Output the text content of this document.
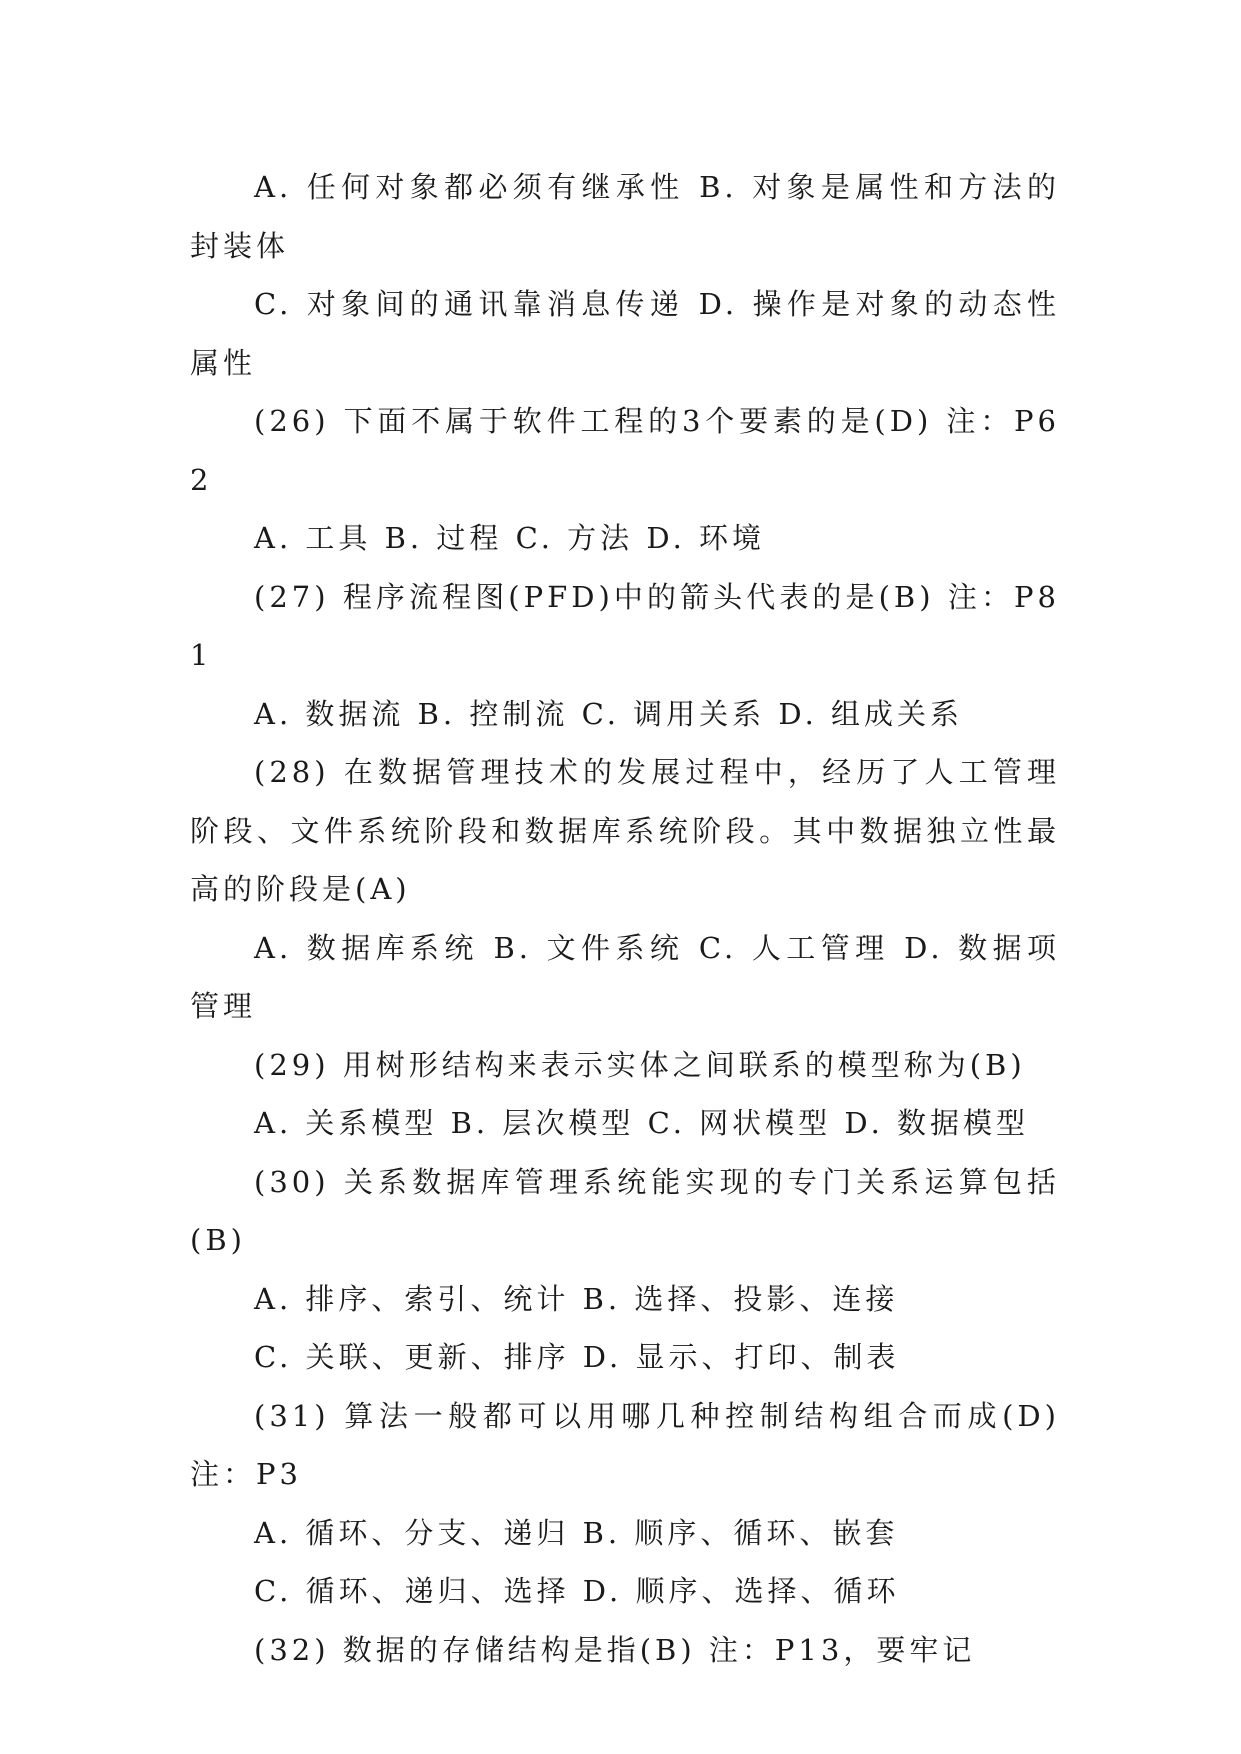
A. 任何对象都必须有继承性 B. 对象是属性和方法的封装体

C. 对象间的通讯靠消息传递 D. 操作是对象的动态性属性

(26) 下面不属于软件工程的3个要素的是(D) 注：P62

A. 工具 B. 过程 C. 方法 D. 环境

(27) 程序流程图(PFD)中的箭头代表的是(B) 注：P81

A. 数据流 B. 控制流 C. 调用关系 D. 组成关系

(28) 在数据管理技术的发展过程中，经历了人工管理阶段、文件系统阶段和数据库系统阶段。其中数据独立性最高的阶段是(A)

A. 数据库系统 B. 文件系统 C. 人工管理 D. 数据项管理

(29) 用树形结构来表示实体之间联系的模型称为(B)

A. 关系模型 B. 层次模型 C. 网状模型 D. 数据模型

(30) 关系数据库管理系统能实现的专门关系运算包括(B)

A. 排序、索引、统计 B. 选择、投影、连接

C. 关联、更新、排序 D. 显示、打印、制表

(31) 算法一般都可以用哪几种控制结构组合而成(D) 注：P3

A. 循环、分支、递归 B. 顺序、循环、嵌套

C. 循环、递归、选择 D. 顺序、选择、循环

(32) 数据的存储结构是指(B) 注：P13，要牢记
